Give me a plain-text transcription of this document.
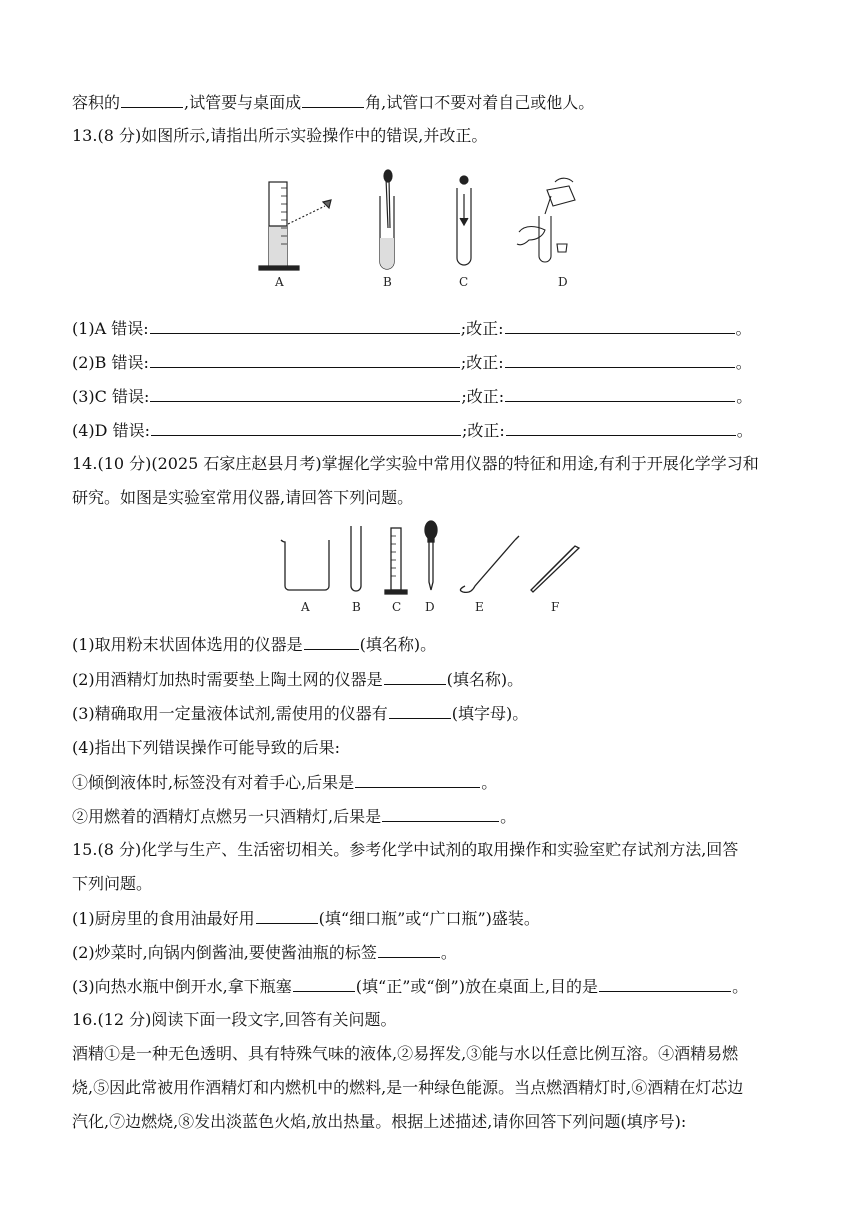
容积的	,试管要与桌面成	角,试管口不要对着自己或他人。
13.(8 分)如图所示,请指出所示实验操作中的错误,并改正。
A	B	C	D
(1)A 错误:	;改正:	。
(2)B 错误:	;改正:	。
(3)C 错误:	;改正:	。
(4)D 错误:	;改正:	。
14.(10 分)(2025 石家庄赵县月考)掌握化学实验中常用仪器的特征和用途,有利于开展化学学习和
研究。如图是实验室常用仪器,请回答下列问题。
A	B	C D	E	F
(1)取用粉末状固体选用的仪器是	(填名称)。
(2)用酒精灯加热时需要垫上陶土网的仪器是	(填名称)。
(3)精确取用一定量液体试剂,需使用的仪器有	(填字母)。
(4)指出下列错误操作可能导致的后果:
①倾倒液体时,标签没有对着手心,后果是	。
②用燃着的酒精灯点燃另一只酒精灯,后果是	。
15.(8 分)化学与生产、生活密切相关。参考化学中试剂的取用操作和实验室贮存试剂方法,回答
下列问题。
(1)厨房里的食用油最好用	(填“细口瓶”或“广口瓶”)盛装。
(2)炒菜时,向锅内倒酱油,要使酱油瓶的标签	。
(3)向热水瓶中倒开水,拿下瓶塞	(填“正”或“倒”)放在桌面上,目的是	。
16.(12 分)阅读下面一段文字,回答有关问题。
酒精①是一种无色透明、具有特殊气味的液体,②易挥发,③能与水以任意比例互溶。④酒精易燃
烧,⑤因此常被用作酒精灯和内燃机中的燃料,是一种绿色能源。当点燃酒精灯时,⑥酒精在灯芯边
汽化,⑦边燃烧,⑧发出淡蓝色火焰,放出热量。根据上述描述,请你回答下列问题(填序号):
